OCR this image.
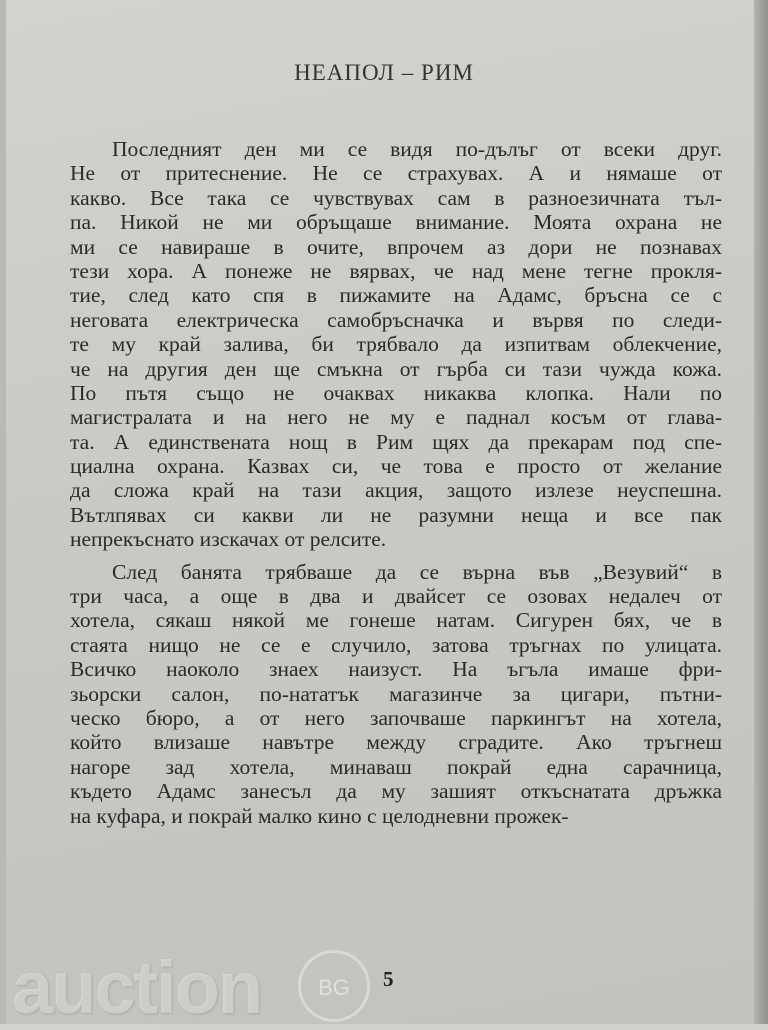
НЕАПОЛ – РИМ
Последният ден ми се видя по-дълъг от всеки друг.
Не от притеснение. Не се страхувах. А и нямаше от
какво. Все така се чувствувах сам в разноезичната тъл-
па. Никой не ми обръщаше внимание. Моята охрана не
ми се навираше в очите, впрочем аз дори не познавах
тези хора. А понеже не вярвах, че над мене тегне прокля-
тие, след като спя в пижамите на Адамс, бръсна се с
неговата електрическа самобръсначка и вървя по следи-
те му край залива, би трябвало да изпитвам облекчение,
че на другия ден ще смъкна от гърба си тази чужда кожа.
По пътя също не очаквах никаква клопка. Нали по
магистралата и на него не му е паднал косъм от глава-
та. А единствената нощ в Рим щях да прекарам под спе-
циална охрана. Казвах си, че това е просто от желание
да сложа край на тази акция, защото излезе неуспешна.
Вътлпявах си какви ли не разумни неща и все пак
непрекъснато изскачах от релсите.
След банята трябваше да се върна във „Везувий“ в
три часа, а още в два и двайсет се озовах недалеч от
хотела, сякаш някой ме гонеше натам. Сигурен бях, че в
стаята нищо не се е случило, затова тръгнах по улицата.
Всичко наоколо знаех наизуст. На ъгъла имаше фри-
зьорски салон, по-нататък магазинче за цигари, пътни-
ческо бюро, а от него започваше паркингът на хотела,
който влизаше навътре между сградите. Ако тръгнеш
нагоре зад хотела, минаваш покрай една сарачница,
където Адамс занесъл да му зашият откъснатата дръжка
на куфара, и покрай малко кино с целодневни прожек-
auction	BG	5
